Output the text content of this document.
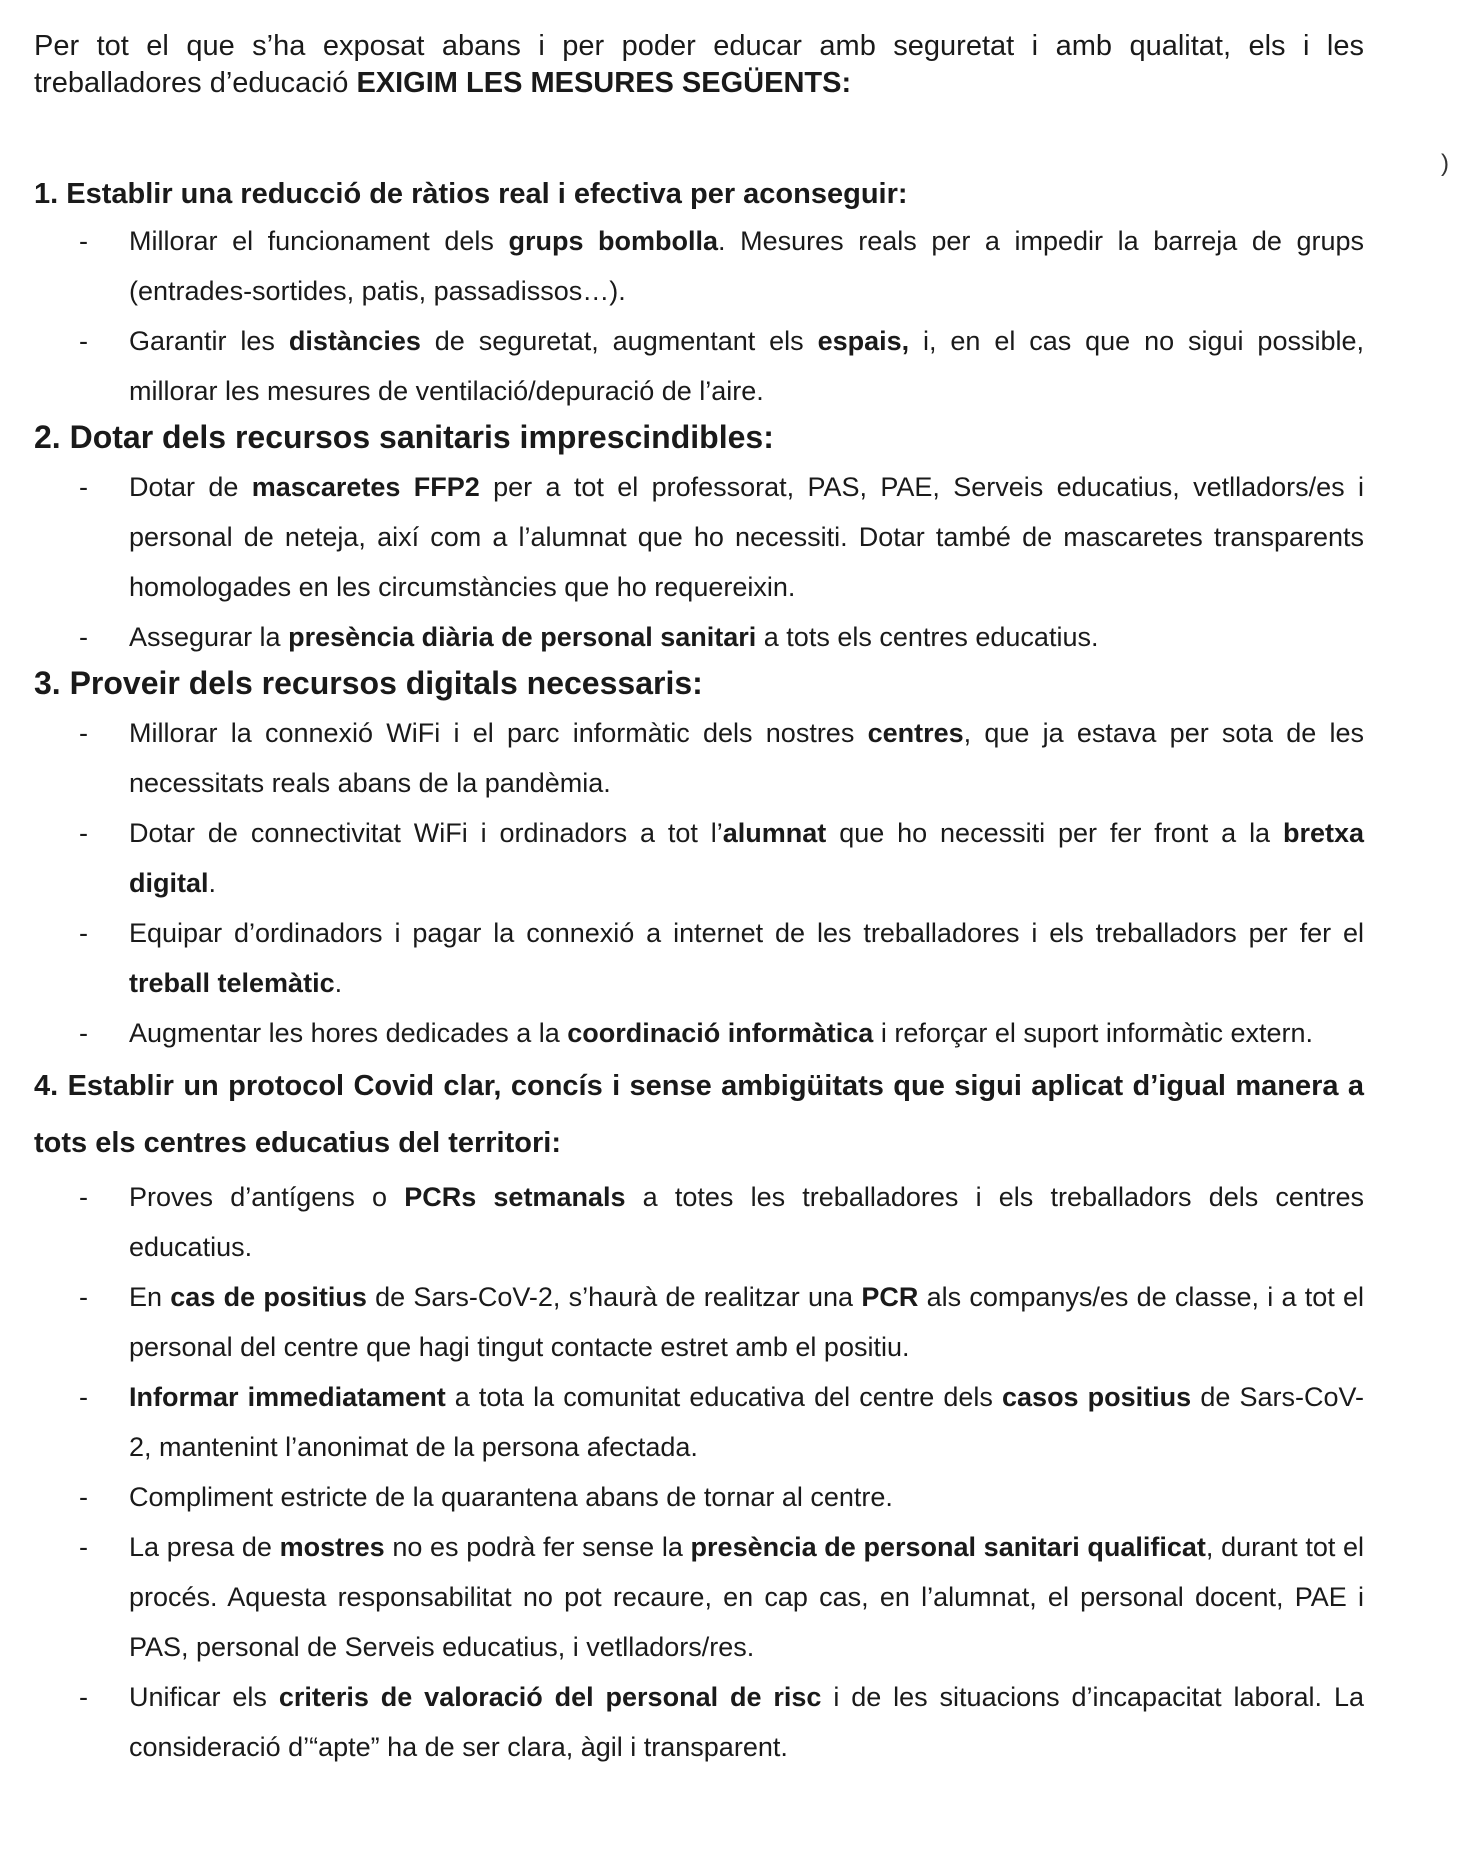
)

Per tot el que s’ha exposat abans i per poder educar amb seguretat i amb qualitat, els i les treballadores d’educació EXIGIM LES MESURES SEGÜENTS:

1. Establir una reducció de ràtios real i efectiva per aconseguir:
- Millorar el funcionament dels grups bombolla. Mesures reals per a impedir la barreja de grups (entrades-sortides, patis, passadissos…).
- Garantir les distàncies de seguretat, augmentant els espais, i, en el cas que no sigui possible, millorar les mesures de ventilació/depuració de l’aire.
2. Dotar dels recursos sanitaris imprescindibles:
- Dotar de mascaretes FFP2 per a tot el professorat, PAS, PAE, Serveis educatius, vetlladors/es i personal de neteja, així com a l’alumnat que ho necessiti. Dotar també de mascaretes transparents homologades en les circumstàncies que ho requereixin.
- Assegurar la presència diària de personal sanitari a tots els centres educatius.
3. Proveir dels recursos digitals necessaris:
- Millorar la connexió WiFi i el parc informàtic dels nostres centres, que ja estava per sota de les necessitats reals abans de la pandèmia.
- Dotar de connectivitat WiFi i ordinadors a tot l’alumnat que ho necessiti per fer front a la bretxa digital.
- Equipar d’ordinadors i pagar la connexió a internet de les treballadores i els treballadors per fer el treball telemàtic.
- Augmentar les hores dedicades a la coordinació informàtica i reforçar el suport informàtic extern.
4. Establir un protocol Covid clar, concís i sense ambigüitats que sigui aplicat d’igual manera a tots els centres educatius del territori:
- Proves d’antígens o PCRs setmanals a totes les treballadores i els treballadors dels centres educatius.
- En cas de positius de Sars-CoV-2, s’haurà de realitzar una PCR als companys/es de classe, i a tot el personal del centre que hagi tingut contacte estret amb el positiu.
- Informar immediatament a tota la comunitat educativa del centre dels casos positius de Sars-CoV-2, mantenint l’anonimat de la persona afectada.
- Compliment estricte de la quarantena abans de tornar al centre.
- La presa de mostres no es podrà fer sense la presència de personal sanitari qualificat, durant tot el procés. Aquesta responsabilitat no pot recaure, en cap cas, en l’alumnat, el personal docent, PAE i PAS, personal de Serveis educatius, i vetlladors/res.
- Unificar els criteris de valoració del personal de risc i de les situacions d’incapacitat laboral. La consideració d’“apte” ha de ser clara, àgil i transparent.
